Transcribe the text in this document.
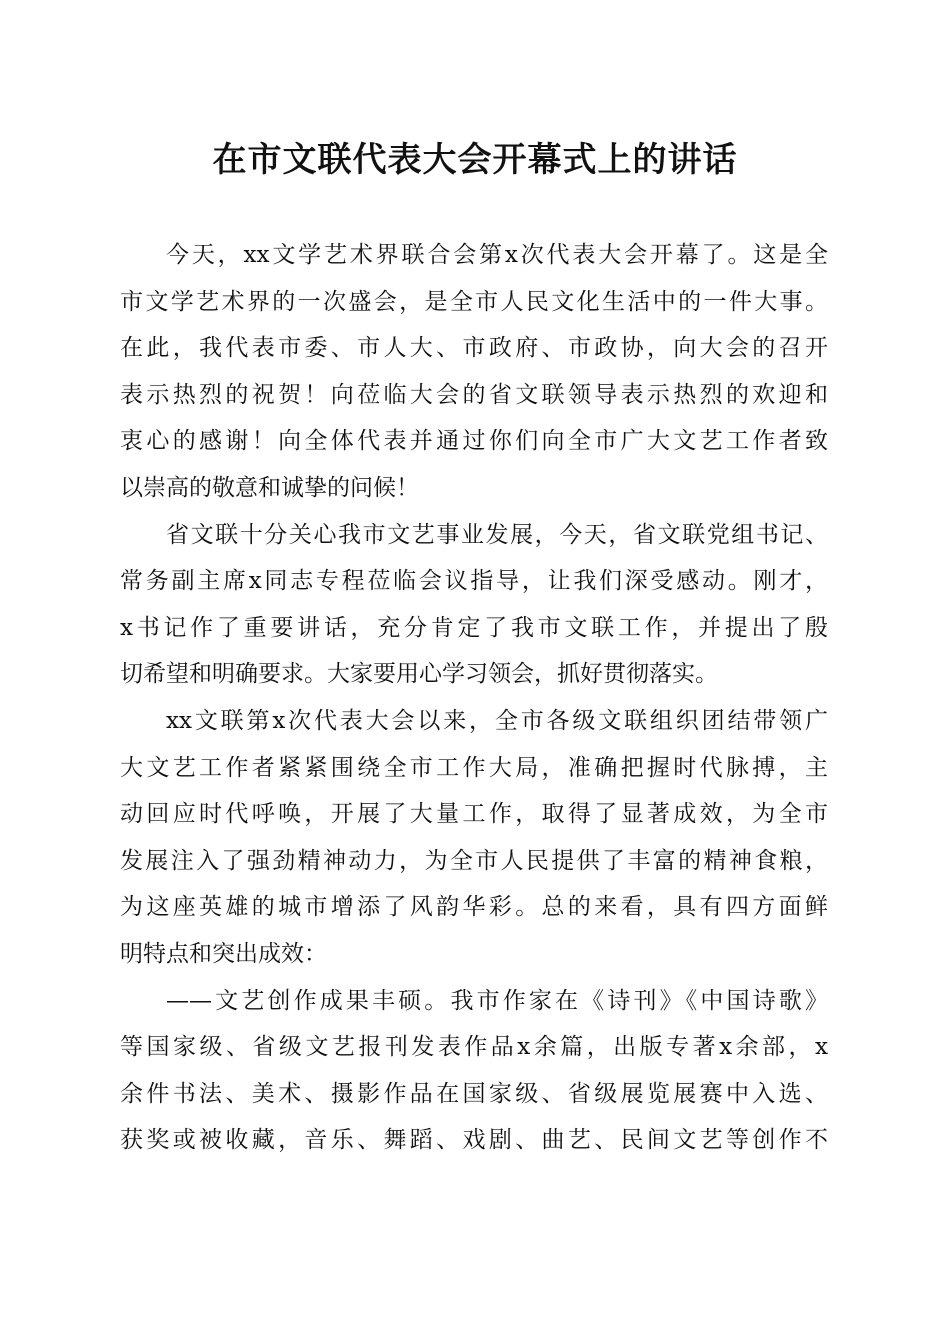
在市文联代表大会开幕式上的讲话

今天，xx文学艺术界联合会第x次代表大会开幕了。这是全
市文学艺术界的一次盛会，是全市人民文化生活中的一件大事。
在此，我代表市委、市人大、市政府、市政协，向大会的召开
表示热烈的祝贺！向莅临大会的省文联领导表示热烈的欢迎和
衷心的感谢！向全体代表并通过你们向全市广大文艺工作者致
以崇高的敬意和诚挚的问候！

省文联十分关心我市文艺事业发展，今天，省文联党组书记、
常务副主席x同志专程莅临会议指导，让我们深受感动。刚才，
x书记作了重要讲话，充分肯定了我市文联工作，并提出了殷
切希望和明确要求。大家要用心学习领会，抓好贯彻落实。

xx文联第x次代表大会以来，全市各级文联组织团结带领广
大文艺工作者紧紧围绕全市工作大局，准确把握时代脉搏，主
动回应时代呼唤，开展了大量工作，取得了显著成效，为全市
发展注入了强劲精神动力，为全市人民提供了丰富的精神食粮，
为这座英雄的城市增添了风韵华彩。总的来看，具有四方面鲜
明特点和突出成效：

——文艺创作成果丰硕。我市作家在《诗刊》《中国诗歌》
等国家级、省级文艺报刊发表作品x余篇，出版专著x余部，x
余件书法、美术、摄影作品在国家级、省级展览展赛中入选、
获奖或被收藏，音乐、舞蹈、戏剧、曲艺、民间文艺等创作不
